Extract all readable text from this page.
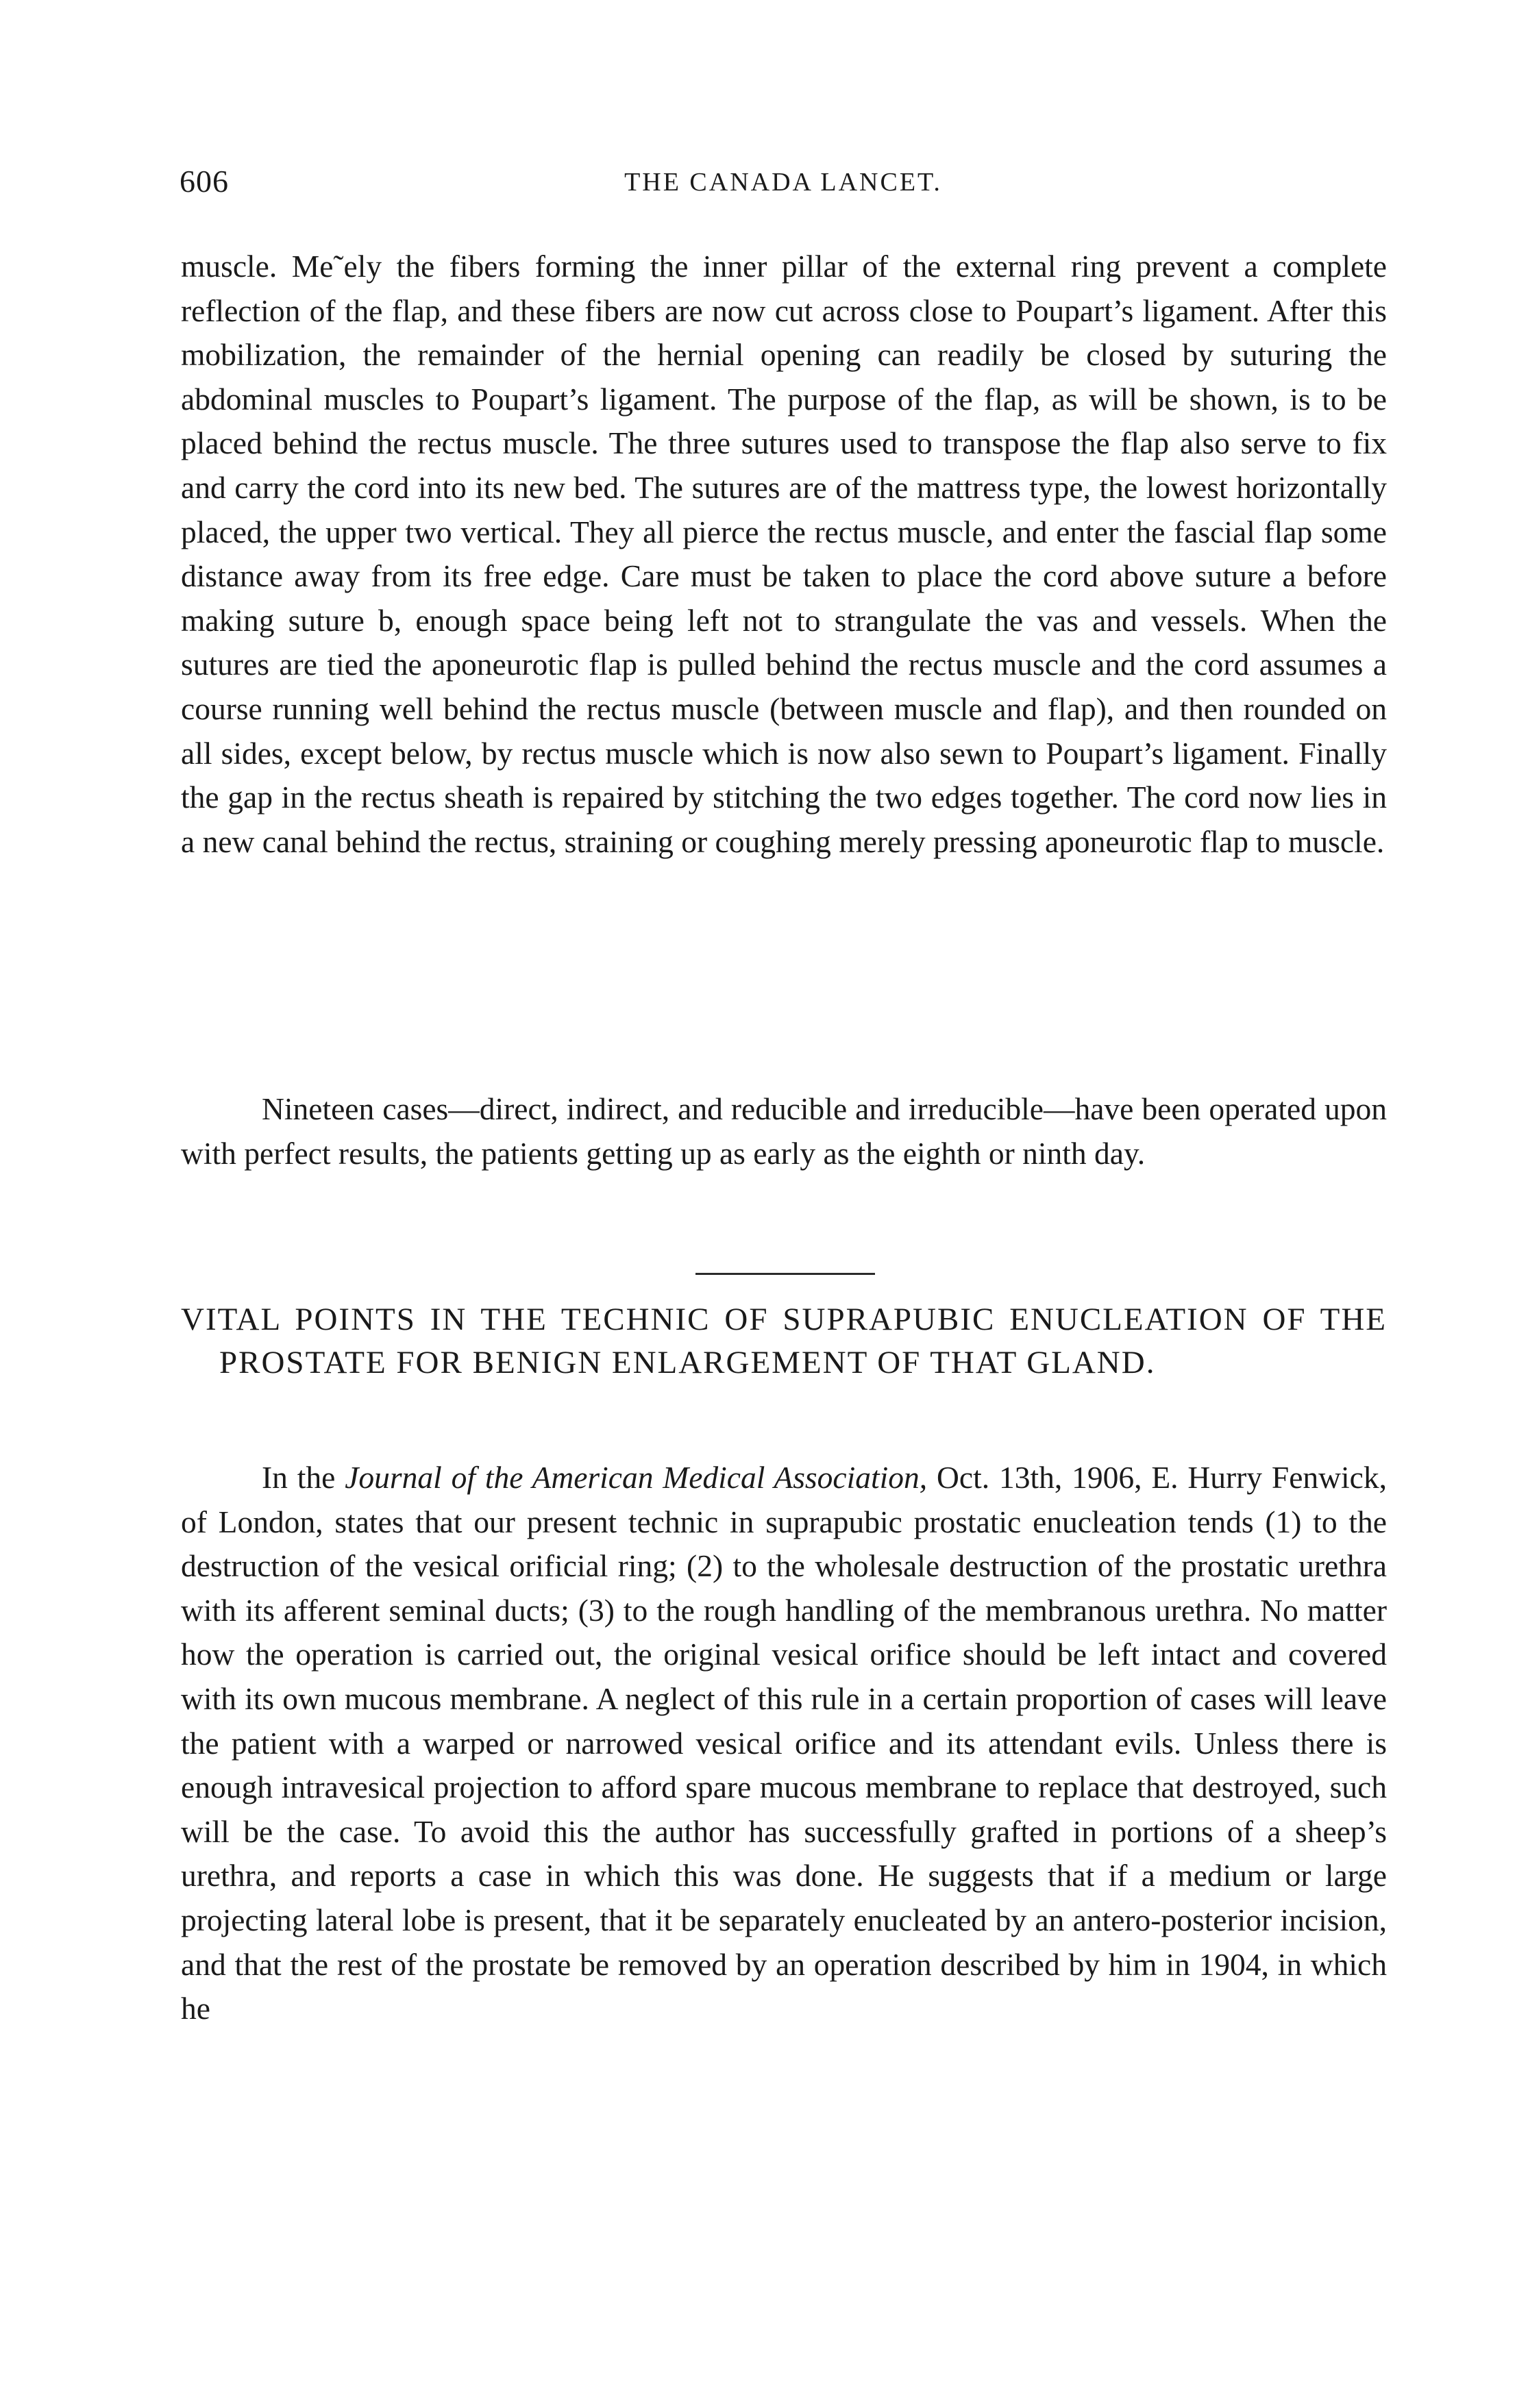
606	THE CANADA LANCET.

muscle. Me˜ely the fibers forming the inner pillar of the external ring prevent a complete reflection of the flap, and these fibers are now cut across close to Poupart’s ligament. After this mobilization, the remainder of the hernial opening can readily be closed by suturing the abdominal muscles to Poupart’s ligament. The purpose of the flap, as will be shown, is to be placed behind the rectus muscle. The three sutures used to transpose the flap also serve to fix and carry the cord into its new bed. The sutures are of the mattress type, the lowest horizontally placed, the upper two vertical. They all pierce the rectus muscle, and enter the fascial flap some distance away from its free edge. Care must be taken to place the cord above suture a before making suture b, enough space being left not to strangulate the vas and vessels. When the sutures are tied the aponeurotic flap is pulled behind the rectus muscle and the cord assumes a course running well behind the rectus muscle (between muscle and flap), and then rounded on all sides, except below, by rectus muscle which is now also sewn to Poupart’s ligament. Finally the gap in the rectus sheath is repaired by stitching the two edges together. The cord now lies in a new canal behind the rectus, straining or coughing merely pressing aponeurotic flap to muscle.

Nineteen cases—direct, indirect, and reducible and irreducible—have been operated upon with perfect results, the patients getting up as early as the eighth or ninth day.

VITAL POINTS IN THE TECHNIC OF SUPRAPUBIC ENUCLEATION OF THE PROSTATE FOR BENIGN ENLARGEMENT OF THAT GLAND.

In the Journal of the American Medical Association, Oct. 13th, 1906, E. Hurry Fenwick, of London, states that our present technic in suprapubic prostatic enucleation tends (1) to the destruction of the vesical orificial ring; (2) to the wholesale destruction of the prostatic urethra with its afferent seminal ducts; (3) to the rough handling of the membranous urethra. No matter how the operation is carried out, the original vesical orifice should be left intact and covered with its own mucous membrane. A neglect of this rule in a certain proportion of cases will leave the patient with a warped or narrowed vesical orifice and its attendant evils. Unless there is enough intravesical projection to afford spare mucous membrane to replace that destroyed, such will be the case. To avoid this the author has successfully grafted in portions of a sheep’s urethra, and reports a case in which this was done. He suggests that if a medium or large projecting lateral lobe is present, that it be separately enucleated by an antero-posterior incision, and that the rest of the prostate be removed by an operation described by him in 1904, in which he
